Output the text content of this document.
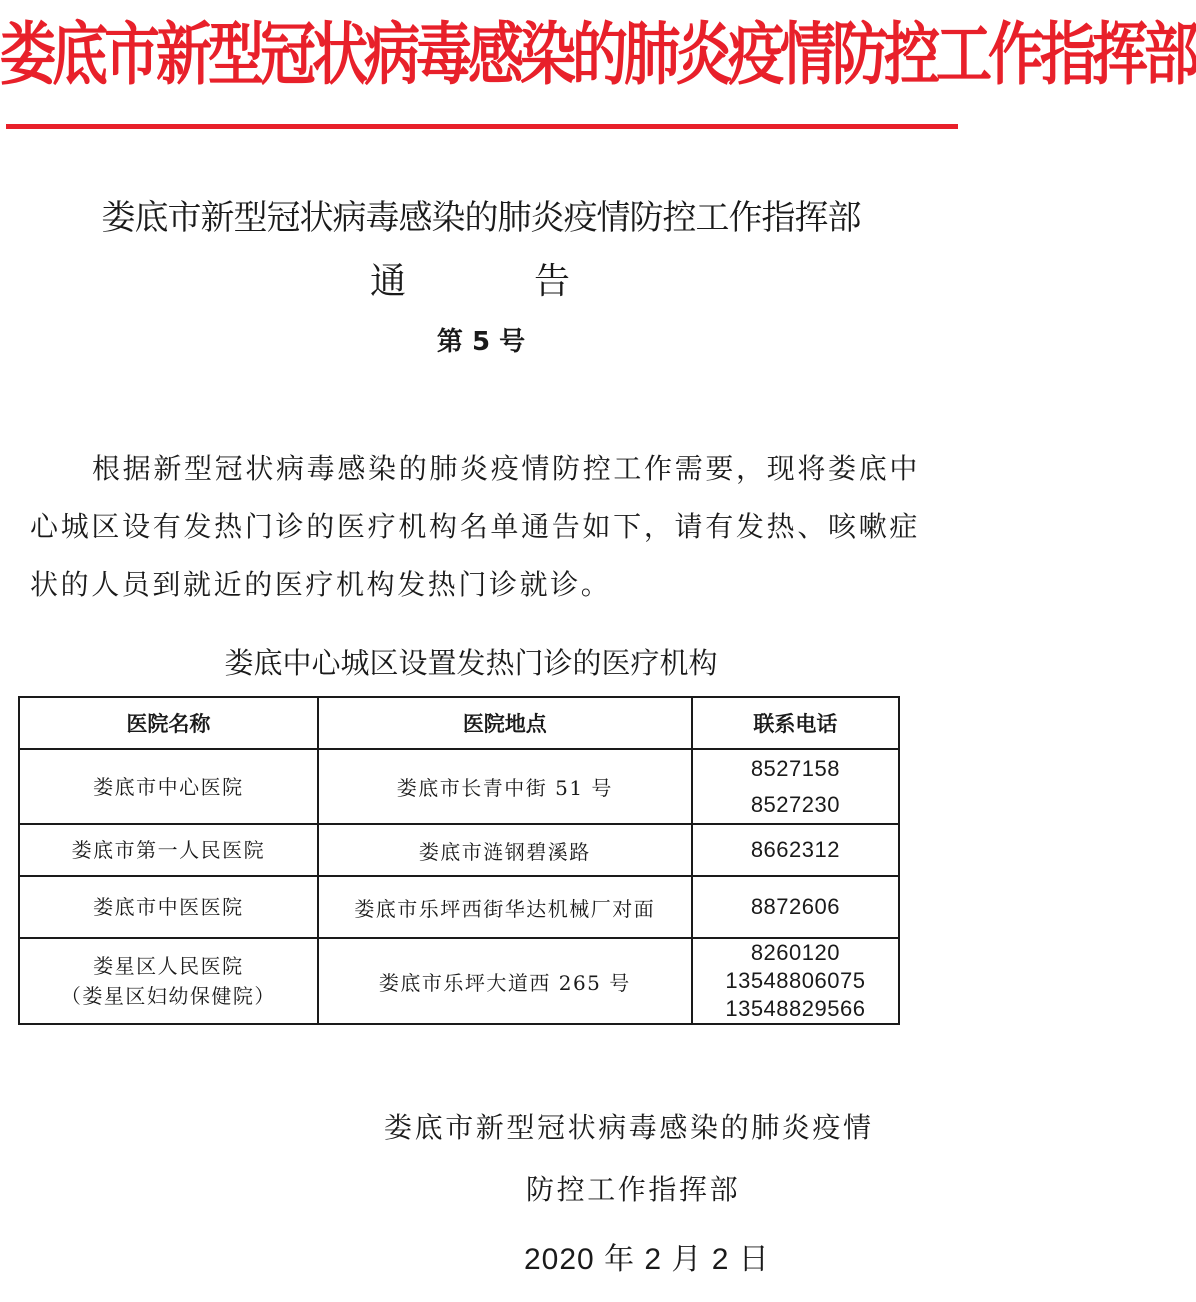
娄底市新型冠状病毒感染的肺炎疫情防控工作指挥部
娄底市新型冠状病毒感染的肺炎疫情防控工作指挥部
通	告
第 5 号

根据新型冠状病毒感染的肺炎疫情防控工作需要，现将娄底中心城区设有发热门诊的医疗机构名单通告如下，请有发热、咳嗽症状的人员到就近的医疗机构发热门诊就诊。

娄底中心城区设置发热门诊的医疗机构
医院名称	医院地点	联系电话

娄底市中心医院	娄底市长青中街 51 号	8527158
8527230

娄底市第一人民医院	娄底市涟钢碧溪路	8662312

娄底市中医医院	娄底市乐坪西街华达机械厂对面	8872606

娄星区人民医院
（娄星区妇幼保健院）	娄底市乐坪大道西 265 号	8260120
13548806075
13548829566
娄底市新型冠状病毒感染的肺炎疫情
防控工作指挥部
2020 年 2 月 2 日
